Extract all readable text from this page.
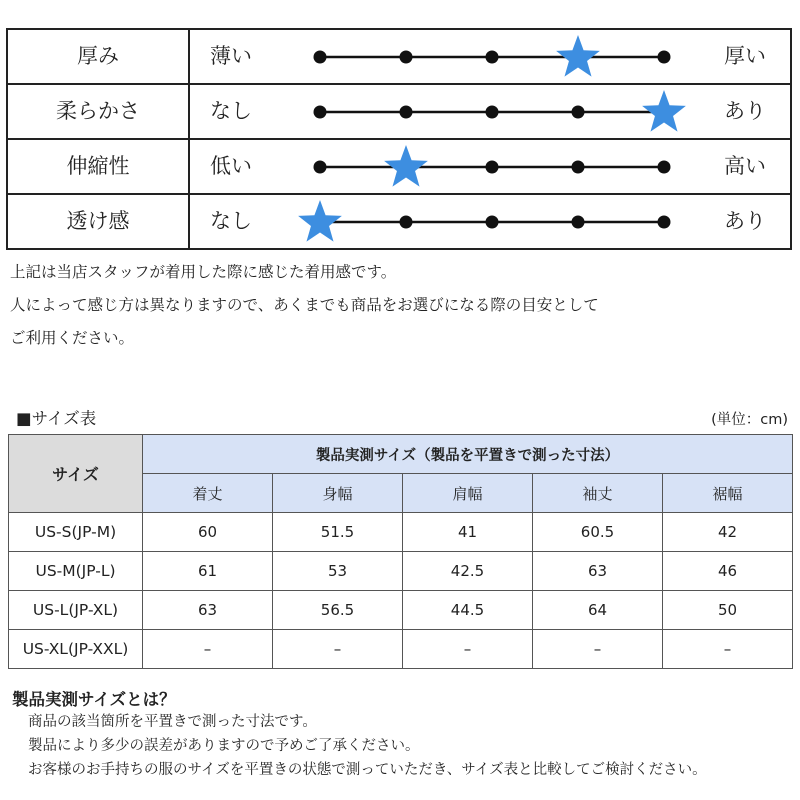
厚み	薄い	厚い
柔らかさ	なし	あり
伸縮性	低い	高い
透け感	なし	あり
上記は当店スタッフが着用した際に感じた着用感です。
人によって感じ方は異なりますので、あくまでも商品をお選びになる際の目安として
ご利用ください。
■サイズ表	(単位：cm)
サイズ	製品実測サイズ（製品を平置きで測った寸法）				
	着丈	身幅	肩幅	袖丈	裾幅
US-S(JP-M)	60	51.5	41	60.5	42
US-M(JP-L)	61	53	42.5	63	46
US-L(JP-XL)	63	56.5	44.5	64	50
US-XL(JP-XXL)	–	–	–	–	–
製品実測サイズとは？
商品の該当箇所を平置きで測った寸法です。
製品により多少の誤差がありますので予めご了承ください。
お客様のお手持ちの服のサイズを平置きの状態で測っていただき、サイズ表と比較してご検討ください。
